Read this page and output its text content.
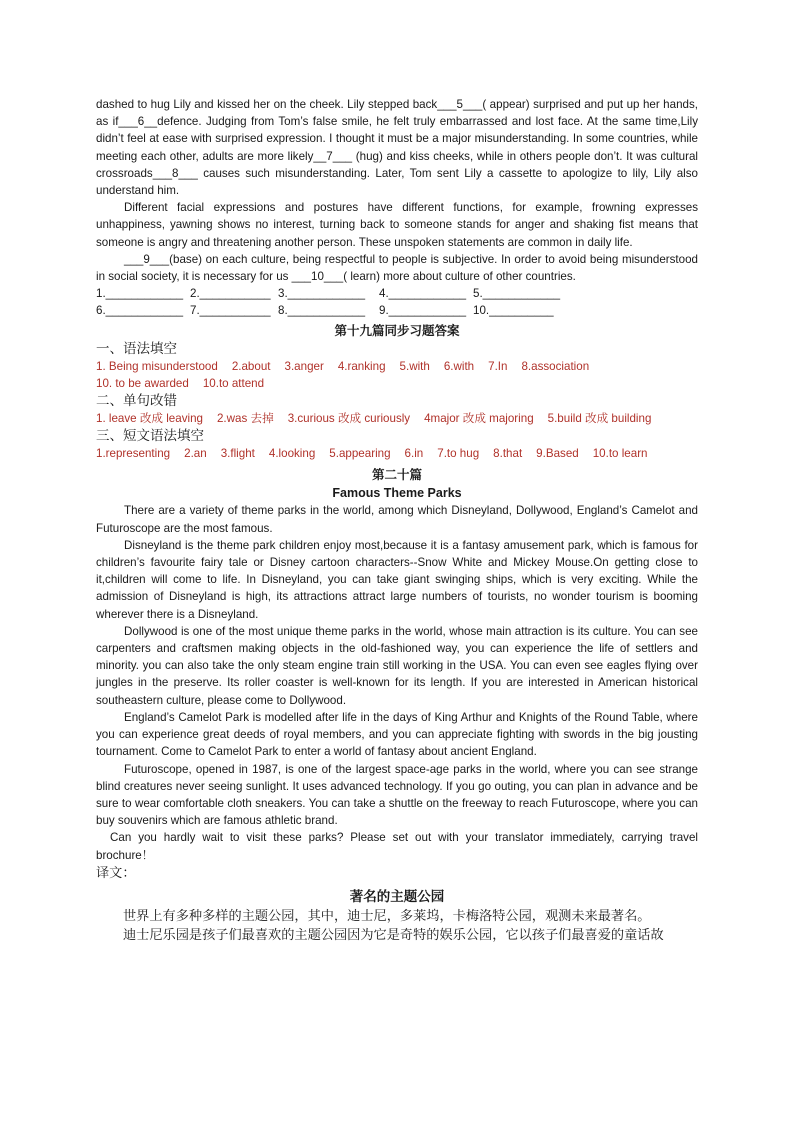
dashed to hug Lily and kissed her on the cheek. Lily stepped back___5___( appear) surprised and put up her hands, as if___6__defence. Judging from Tom’s false smile, he felt truly embarrassed and lost face. At the same time,Lily didn’t feel at ease with surprised expression. I thought it must be a major misunderstanding. In some countries, while meeting each other, adults are more likely__7___ (hug) and kiss cheeks, while in others people don’t. It was cultural crossroads___8___ causes such misunderstanding. Later, Tom sent Lily a cassette to apologize to lily, Lily also understand him.

Different facial expressions and postures have different functions, for example, frowning expresses unhappiness, yawning shows no interest, turning back to someone stands for anger and shaking fist means that someone is angry and threatening another person. These unspoken statements are common in daily life.

___9___(base) on each culture, being respectful to people is subjective. In order to avoid being misunderstood in social society, it is necessary for us ___10___( learn) more about culture of other countries.

1.____________ 2.___________ 3.____________	4.____________ 5.____________
6.____________ 7.___________ 8.____________	9.____________ 10.__________
第十九篇同步习题答案
一、语法填空
1. Being misunderstood 2.about 3.anger 4.ranking 5.with 6.with 7.In 8.association
10. to be awarded 10.to attend
二、单句改错
1. leave 改成 leaving 2.was 去掉 3.curious 改成 curiously 4major 改成 majoring 5.build 改成 building
三、短文语法填空
1.representing 2.an 3.flight 4.looking 5.appearing 6.in 7.to hug 8.that 9.Based 10.to learn
第二十篇
Famous Theme Parks

There are a variety of theme parks in the world, among which Disneyland, Dollywood, England’s Camelot and Futuroscope are the most famous.

Disneyland is the theme park children enjoy most,because it is a fantasy amusement park, which is famous for children’s favourite fairy tale or Disney cartoon characters--Snow White and Mickey Mouse.On getting close to it,children will come to life. In Disneyland, you can take giant swinging ships, which is very exciting. While the admission of Disneyland is high, its attractions attract large numbers of tourists, no wonder tourism is booming wherever there is a Disneyland.

Dollywood is one of the most unique theme parks in the world, whose main attraction is its culture. You can see carpenters and craftsmen making objects in the old-fashioned way, you can experience the life of settlers and minority. you can also take the only steam engine train still working in the USA. You can even see eagles flying over jungles in the preserve. Its roller coaster is well-known for its length. If you are interested in American historical southeastern culture, please come to Dollywood.

England’s Camelot Park is modelled after life in the days of King Arthur and Knights of the Round Table, where you can experience great deeds of royal members, and you can appreciate fighting with swords in the big jousting tournament. Come to Camelot Park to enter a world of fantasy about ancient England.

Futuroscope, opened in 1987, is one of the largest space-age parks in the world, where you can see strange blind creatures never seeing sunlight. It uses advanced technology. If you go outing, you can plan in advance and be sure to wear comfortable cloth sneakers. You can take a shuttle on the freeway to reach Futuroscope, where you can buy souvenirs which are famous athletic brand.

Can you hardly wait to visit these parks? Please set out with your translator immediately, carrying travel brochure！

译文：
著名的主题公园

世界上有多种多样的主题公园，其中，迪士尼，多莱坞，卡梅洛特公园，观测未来最著名。

迪士尼乐园是孩子们最喜欢的主题公园因为它是奇特的娱乐公园，它以孩子们最喜爱的童话故
